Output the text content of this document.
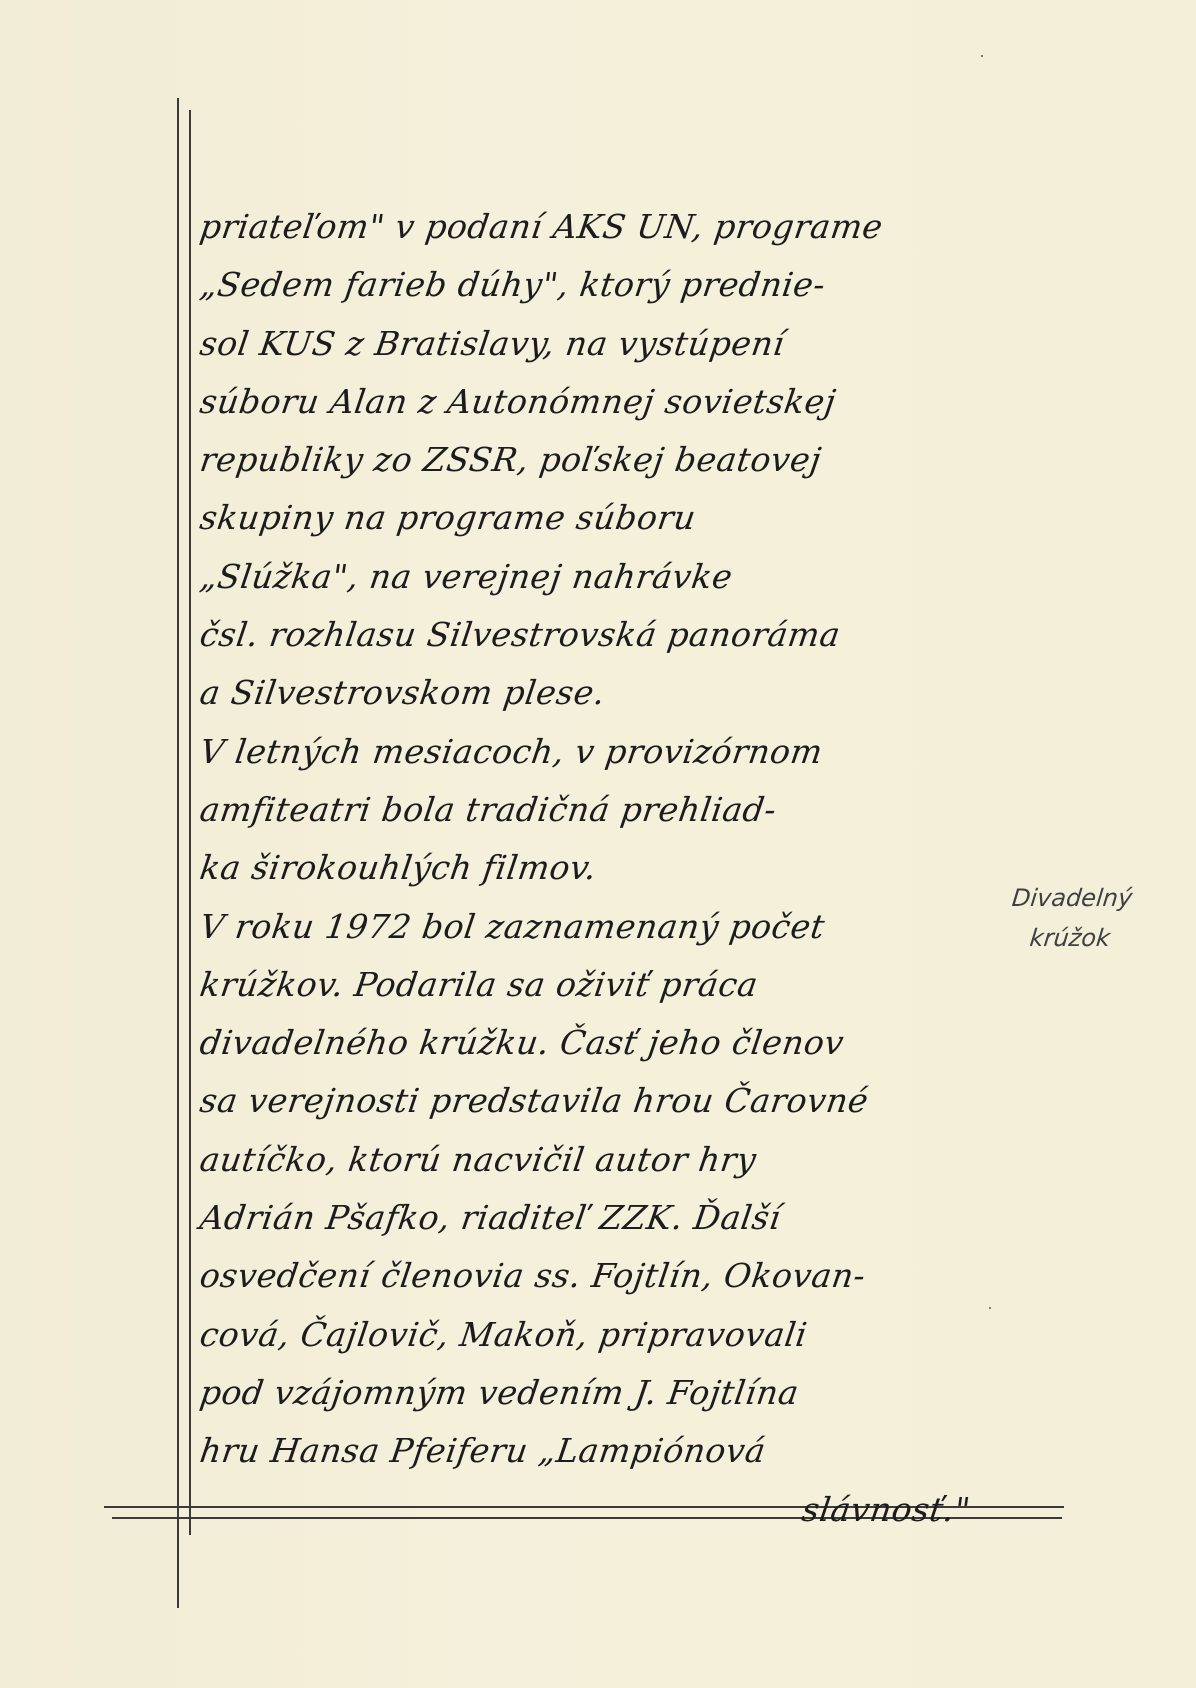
priateľom" v podaní AKS UN, programe
„Sedem farieb dúhy", ktorý predniе-
sol KUS z Bratislavy, na vystúpení
súboru Alan z Autonómnej sovietskej
republiky zo ZSSR, poľskej beatovej
skupiny na programe súboru
„Slúžka", na verejnej nahrávke
čsl. rozhlasu Silvestrovská panoráma
a Silvestrovskom plese.
V letných mesiacoch, v provizórnom
amfiteatri bola tradičná prehliad-
ka širokouhlých filmov.
V roku 1972 bol zaznamenaný počet
krúžkov. Podarila sa oživiť práca
divadelného krúžku. Časť jeho členov
sa verejnosti predstavila hrou Čarovné
autíčko, ktorú nacvičil autor hry
Adrián Pšafko, riaditeľ ZZK. Ďalší
osvedčení členovia ss. Fojtlín, Okovan-
cová, Čajlovič, Makoň, pripravovali
pod vzájomným vedením J. Fojtlína
hru Hansa Pfeiferu „Lampiónová
slávnosť."
Divadelný
krúžok
